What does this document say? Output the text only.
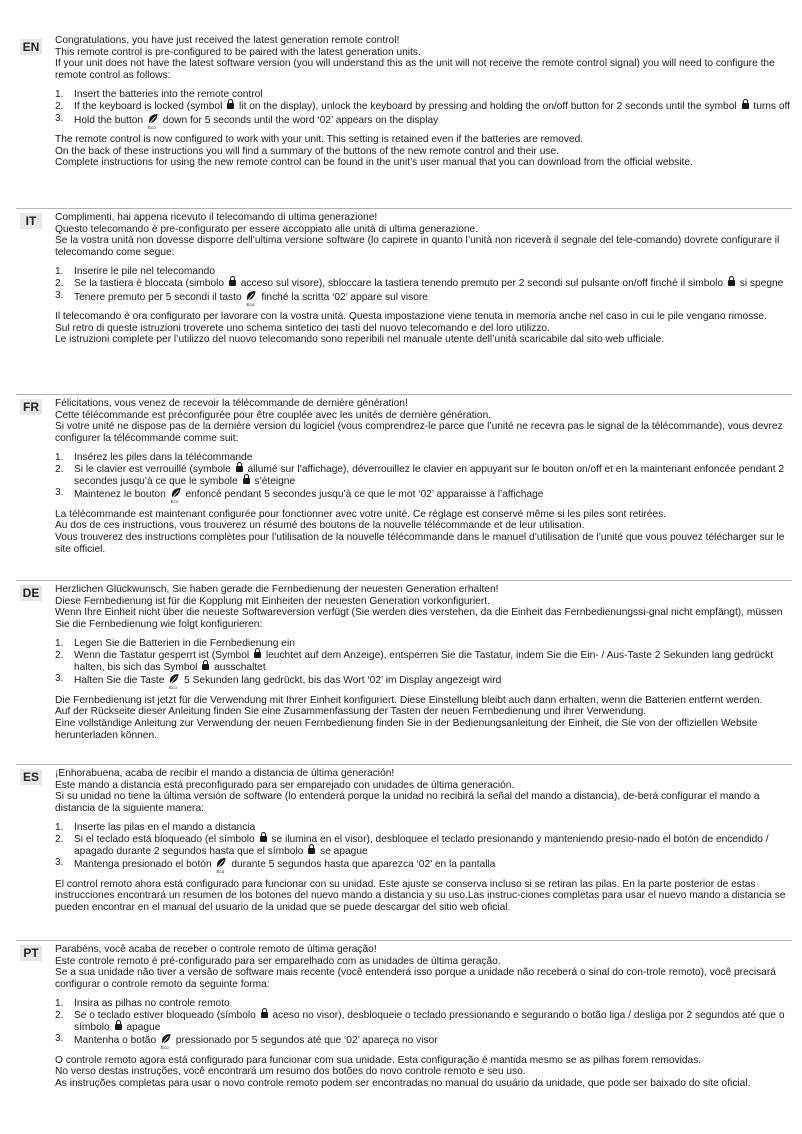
EN Congratulations, you have just received the latest generation remote control!

This remote control is pre-configured to be paired with the latest generation units.

If your unit does not have the latest software version (you will understand this as the unit will not receive the remote control signal) you will need to configure the remote control as follows:

1. Insert the batteries into the remote control
2. If the keyboard is locked (symbol lit on the display), unlock the keyboard by pressing and holding the on/off button for 2 seconds until the symbol turns off
3. Hold the button
Eco
down for 5 seconds until the word ‘02’ appears on the display

The remote control is now configured to work with your unit. This setting is retained even if the batteries are removed.

On the back of these instructions you will find a summary of the buttons of the new remote control and their use.

Complete instructions for using the new remote control can be found in the unit’s user manual that you can download from the official website.

IT	Complimenti, hai appena ricevuto il telecomando di ultima generazione!

Questo telecomando è pre-configurato per essere accoppiato alle unità di ultima generazione.

Se la vostra unità non dovesse disporre dell’ultima versione software (lo capirete in quanto l’unità non riceverà il segnale del tele-comando) dovrete configurare il telecomando come segue:

1. Inserire le pile nel telecomando
2. Se la tastiera è bloccata (simbolo acceso sul visore), sbloccare la tastiera tenendo premuto per 2 secondi sul pulsante on/off finché il simbolo si spegne
3. Tenere premuto per 5 secondi il tasto
Eco
finché la scritta ‘02’ appare sul visore

Il telecomando è ora configurato per lavorare con la vostra unità. Questa impostazione viene tenuta in memoria anche nel caso in cui le pile vengano rimosse.

Sul retro di queste istruzioni troverete uno schema sintetico dei tasti del nuovo telecomando e del loro utilizzo.

Le istruzioni complete per l’utilizzo del nuovo telecomando sono reperibili nel manuale utente dell’unità scaricabile dal sito web ufficiale.

FR Félicitations, vous venez de recevoir la télécommande de dernière génération!

Cette télécommande est préconfigurée pour être couplée avec les unités de dernière génération.

Si votre unité ne dispose pas de la dernière version du logiciel (vous comprendrez-le parce que l’unité ne recevra pas le signal de la télécommande), vous devrez configurer la télécommande comme suit:

1. Insérez les piles dans la télécommande
2. Si le clavier est verrouillé (symbole allumé sur l’affichage), déverrouillez le clavier en appuyant sur le bouton on/off et en la maintenant enfoncée pendant 2 secondes jusqu’à ce que le symbole s’éteigne
3. Maintenez le bouton
Eco
enfoncé pendant 5 secondes jusqu’à ce que le mot ‘02’ apparaisse à l’affichage

La télécommande est maintenant configurée pour fonctionner avec votre unité. Ce réglage est conservé même si les piles sont retirées.

Au dos de ces instructions, vous trouverez un résumé des boutons de la nouvelle télécommande et de leur utilisation.

Vous trouverez des instructions complètes pour l’utilisation de la nouvelle télécommande dans le manuel d’utilisation de l’unité que vous pouvez télécharger sur le site officiel.

DE Herzlichen Glückwunsch, Sie haben gerade die Fernbedienung der neuesten Generation erhalten!

Diese Fernbedienung ist für die Kopplung mit Einheiten der neuesten Generation vorkonfiguriert.

Wenn Ihre Einheit nicht über die neueste Softwareversion verfügt (Sie werden dies verstehen, da die Einheit das Fernbedienungssi-gnal nicht empfängt), müssen Sie die Fernbedienung wie folgt konfigurieren:

1. Legen Sie die Batterien in die Fernbedienung ein
2. Wenn die Tastatur gesperrt ist (Symbol leuchtet auf dem Anzeige), entsperren Sie die Tastatur, indem Sie die Ein- / Aus-Taste 2 Sekunden lang gedrückt halten, bis sich das Symbol ausschaltet
3. Halten Sie die Taste
Eco
5 Sekunden lang gedrückt, bis das Wort ‘02’ im Display angezeigt wird

Die Fernbedienung ist jetzt für die Verwendung mit Ihrer Einheit konfiguriert. Diese Einstellung bleibt auch dann erhalten, wenn die Batterien entfernt werden.

Auf der Rückseite dieser Anleitung finden Sie eine Zusammenfassung der Tasten der neuen Fernbedienung und ihrer Verwendung.

Eine vollständige Anleitung zur Verwendung der neuen Fernbedienung finden Sie in der Bedienungsanleitung der Einheit, die Sie von der offiziellen Website herunterladen können.

ES ¡Enhorabuena, acaba de recibir el mando a distancia de última generación!

Este mando a distancia está preconfigurado para ser emparejado con unidades de última generación.

Si su unidad no tiene la última versión de software (lo entenderá porque la unidad no recibirá la señal del mando a distancia), de-berá configurar el mando a distancia de la siguiente manera:

1. Inserte las pilas en el mando a distancia
2. Si el teclado está bloqueado (el símbolo se ilumina en el visor), desbloquee el teclado presionando y manteniendo presio-nado el botón de encendido / apagado durante 2 segundos hasta que el símbolo se apague
3. Mantenga presionado el botón
Eco
durante 5 segundos hasta que aparezca ‘02’ en la pantalla

El control remoto ahora está configurado para funcionar con su unidad. Este ajuste se conserva incluso si se retiran las pilas. En la parte posterior de estas instrucciones encontrará un resumen de los botones del nuevo mando a distancia y su uso.Las instruc-ciones completas para usar el nuevo mando a distancia se pueden encontrar en el manual del usuario de la unidad que se puede descargar del sitio web oficial.

PT	Parabéns, você acaba de receber o controle remoto de última geração!

Este controle remoto é pré-configurado para ser emparelhado com as unidades de última geração.

Se a sua unidade não tiver a versão de software mais recente (você entenderá isso porque a unidade não receberá o sinal do con-trole remoto), você precisará configurar o controle remoto da seguinte forma:

1. Insira as pilhas no controle remoto
2. Se o teclado estiver bloqueado (símbolo aceso no visor), desbloqueie o teclado pressionando e segurando o botão liga / desliga por 2 segundos até que o símbolo apague
3. Mantenha o botão
Eco
pressionado por 5 segundos até que ‘02’ apareça no visor

O controle remoto agora está configurado para funcionar com sua unidade. Esta configuração é mantida mesmo se as pilhas forem removidas.

No verso destas instruções, você encontrará um resumo dos botões do novo controle remoto e seu uso.

As instruções completas para usar o novo controle remoto podem ser encontradas no manual do usuário da unidade, que pode ser baixado do site oficial.
